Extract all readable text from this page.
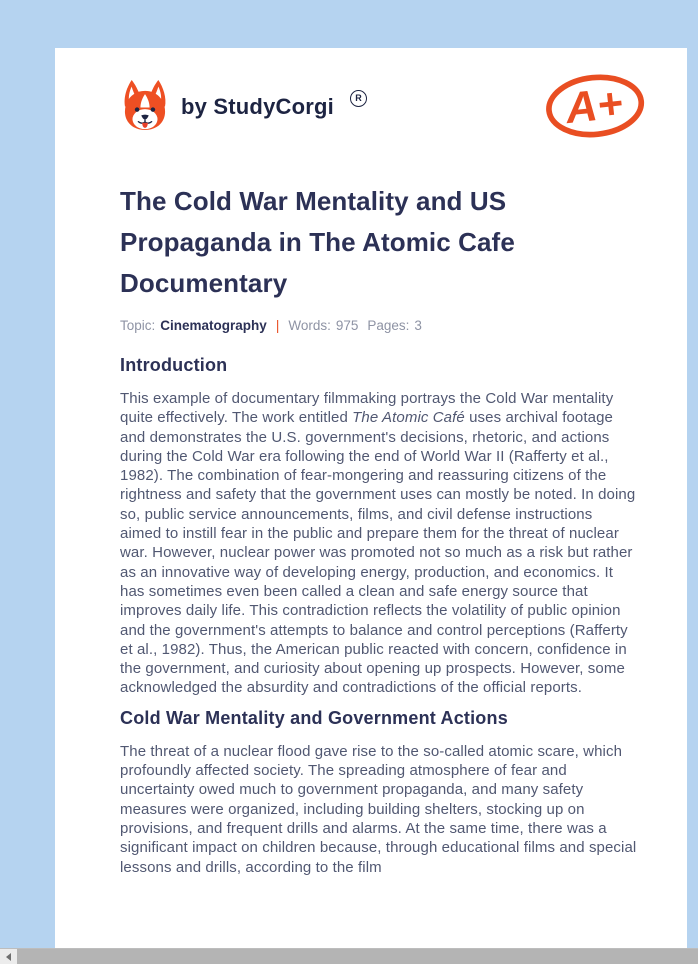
by StudyCorgi	R	A+
The Cold War Mentality and US Propaganda in The Atomic Cafe Documentary
Topic: Cinematography | Words: 975 Pages: 3
Introduction

This example of documentary filmmaking portrays the Cold War mentality quite effectively. The work entitled The Atomic Café uses archival footage and demonstrates the U.S. government's decisions, rhetoric, and actions during the Cold War era following the end of World War II (Rafferty et al., 1982). The combination of fear-mongering and reassuring citizens of the rightness and safety that the government uses can mostly be noted. In doing so, public service announcements, films, and civil defense instructions aimed to instill fear in the public and prepare them for the threat of nuclear war. However, nuclear power was promoted not so much as a risk but rather as an innovative way of developing energy, production, and economics. It has sometimes even been called a clean and safe energy source that improves daily life. This contradiction reflects the volatility of public opinion and the government's attempts to balance and control perceptions (Rafferty et al., 1982). Thus, the American public reacted with concern, confidence in the government, and curiosity about opening up prospects. However, some acknowledged the absurdity and contradictions of the official reports.

Cold War Mentality and Government Actions

The threat of a nuclear flood gave rise to the so-called atomic scare, which profoundly affected society. The spreading atmosphere of fear and uncertainty owed much to government propaganda, and many safety measures were organized, including building shelters, stocking up on provisions, and frequent drills and alarms. At the same time, there was a significant impact on children because, through educational films and special lessons and drills, according to the film
